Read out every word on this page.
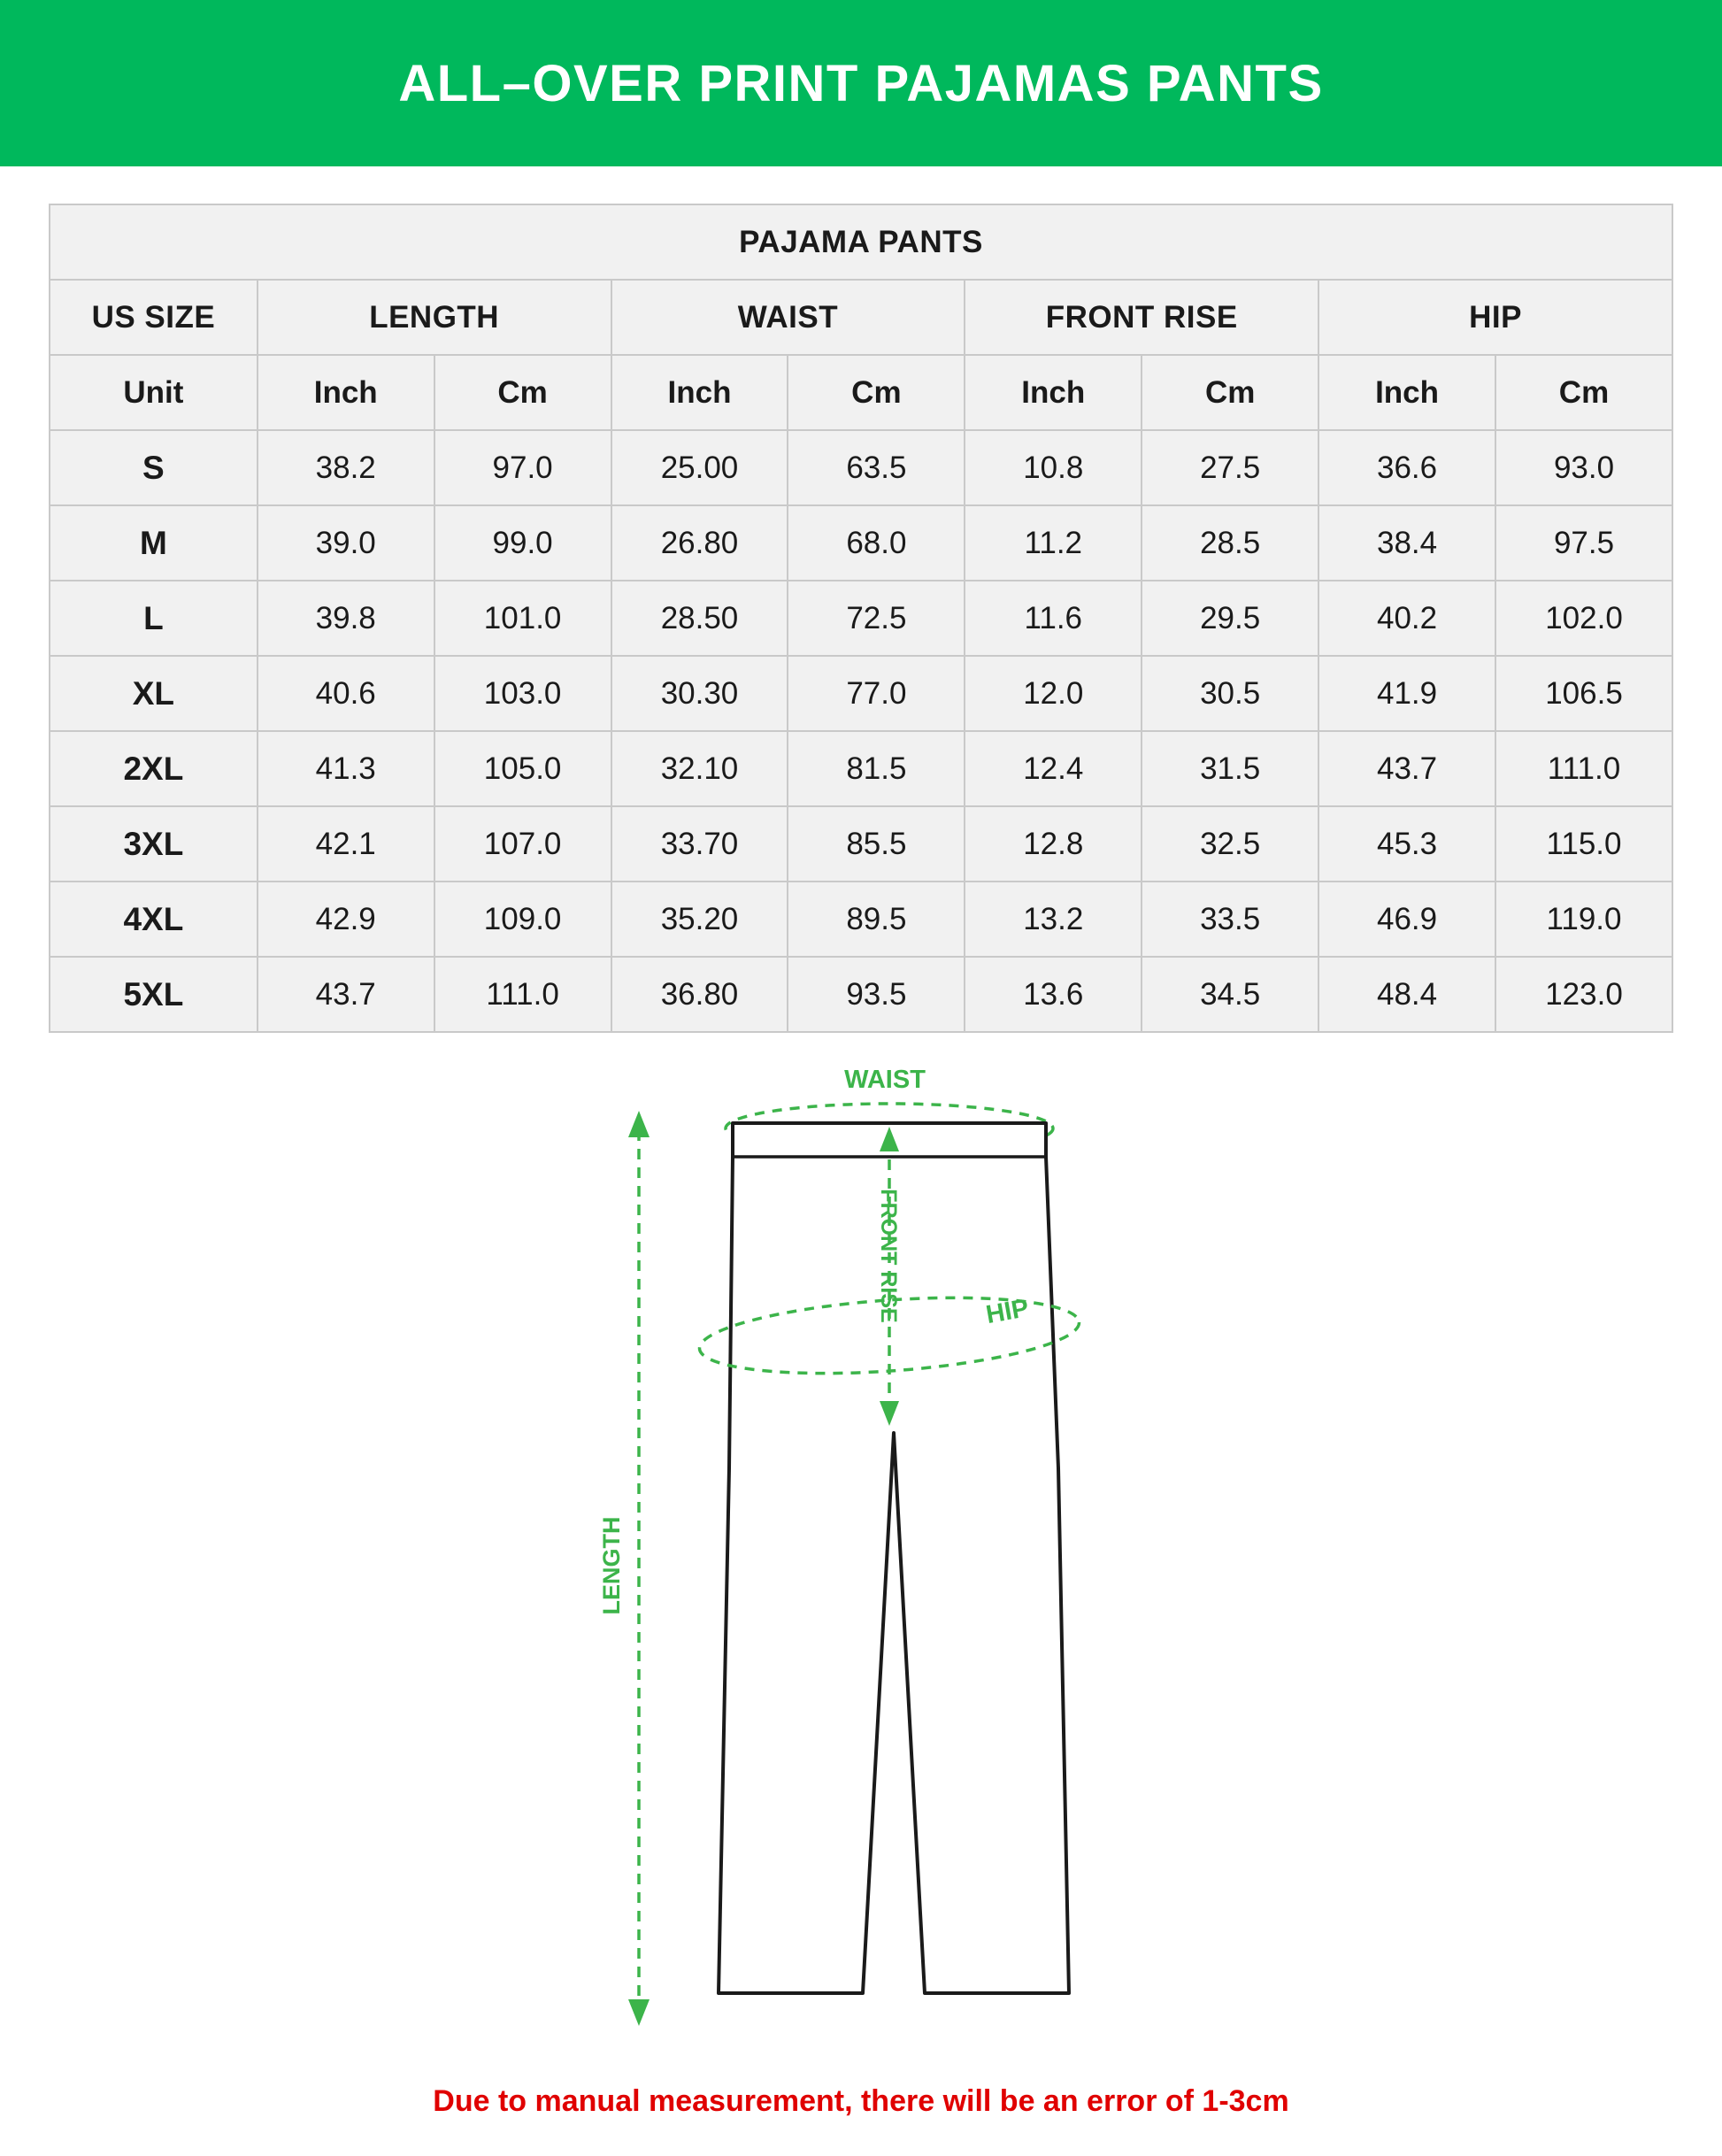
ALL–OVER PRINT PAJAMAS PANTS
PAJAMA PANTS								
US SIZE	LENGTH		WAIST		FRONT RISE		HIP	
Unit	Inch	Cm	Inch	Cm	Inch	Cm	Inch	Cm
S	38.2	97.0	25.00	63.5	10.8	27.5	36.6	93.0
M	39.0	99.0	26.80	68.0	11.2	28.5	38.4	97.5
L	39.8	101.0	28.50	72.5	11.6	29.5	40.2	102.0
XL	40.6	103.0	30.30	77.0	12.0	30.5	41.9	106.5
2XL	41.3	105.0	32.10	81.5	12.4	31.5	43.7	111.0
3XL	42.1	107.0	33.70	85.5	12.8	32.5	45.3	115.0
4XL	42.9	109.0	35.20	89.5	13.2	33.5	46.9	119.0
5XL	43.7	111.0	36.80	93.5	13.6	34.5	48.4	123.0
WAIST
HIP
FRONT RISE
LENGTH
Due to manual measurement, there will be an error of 1-3cm
